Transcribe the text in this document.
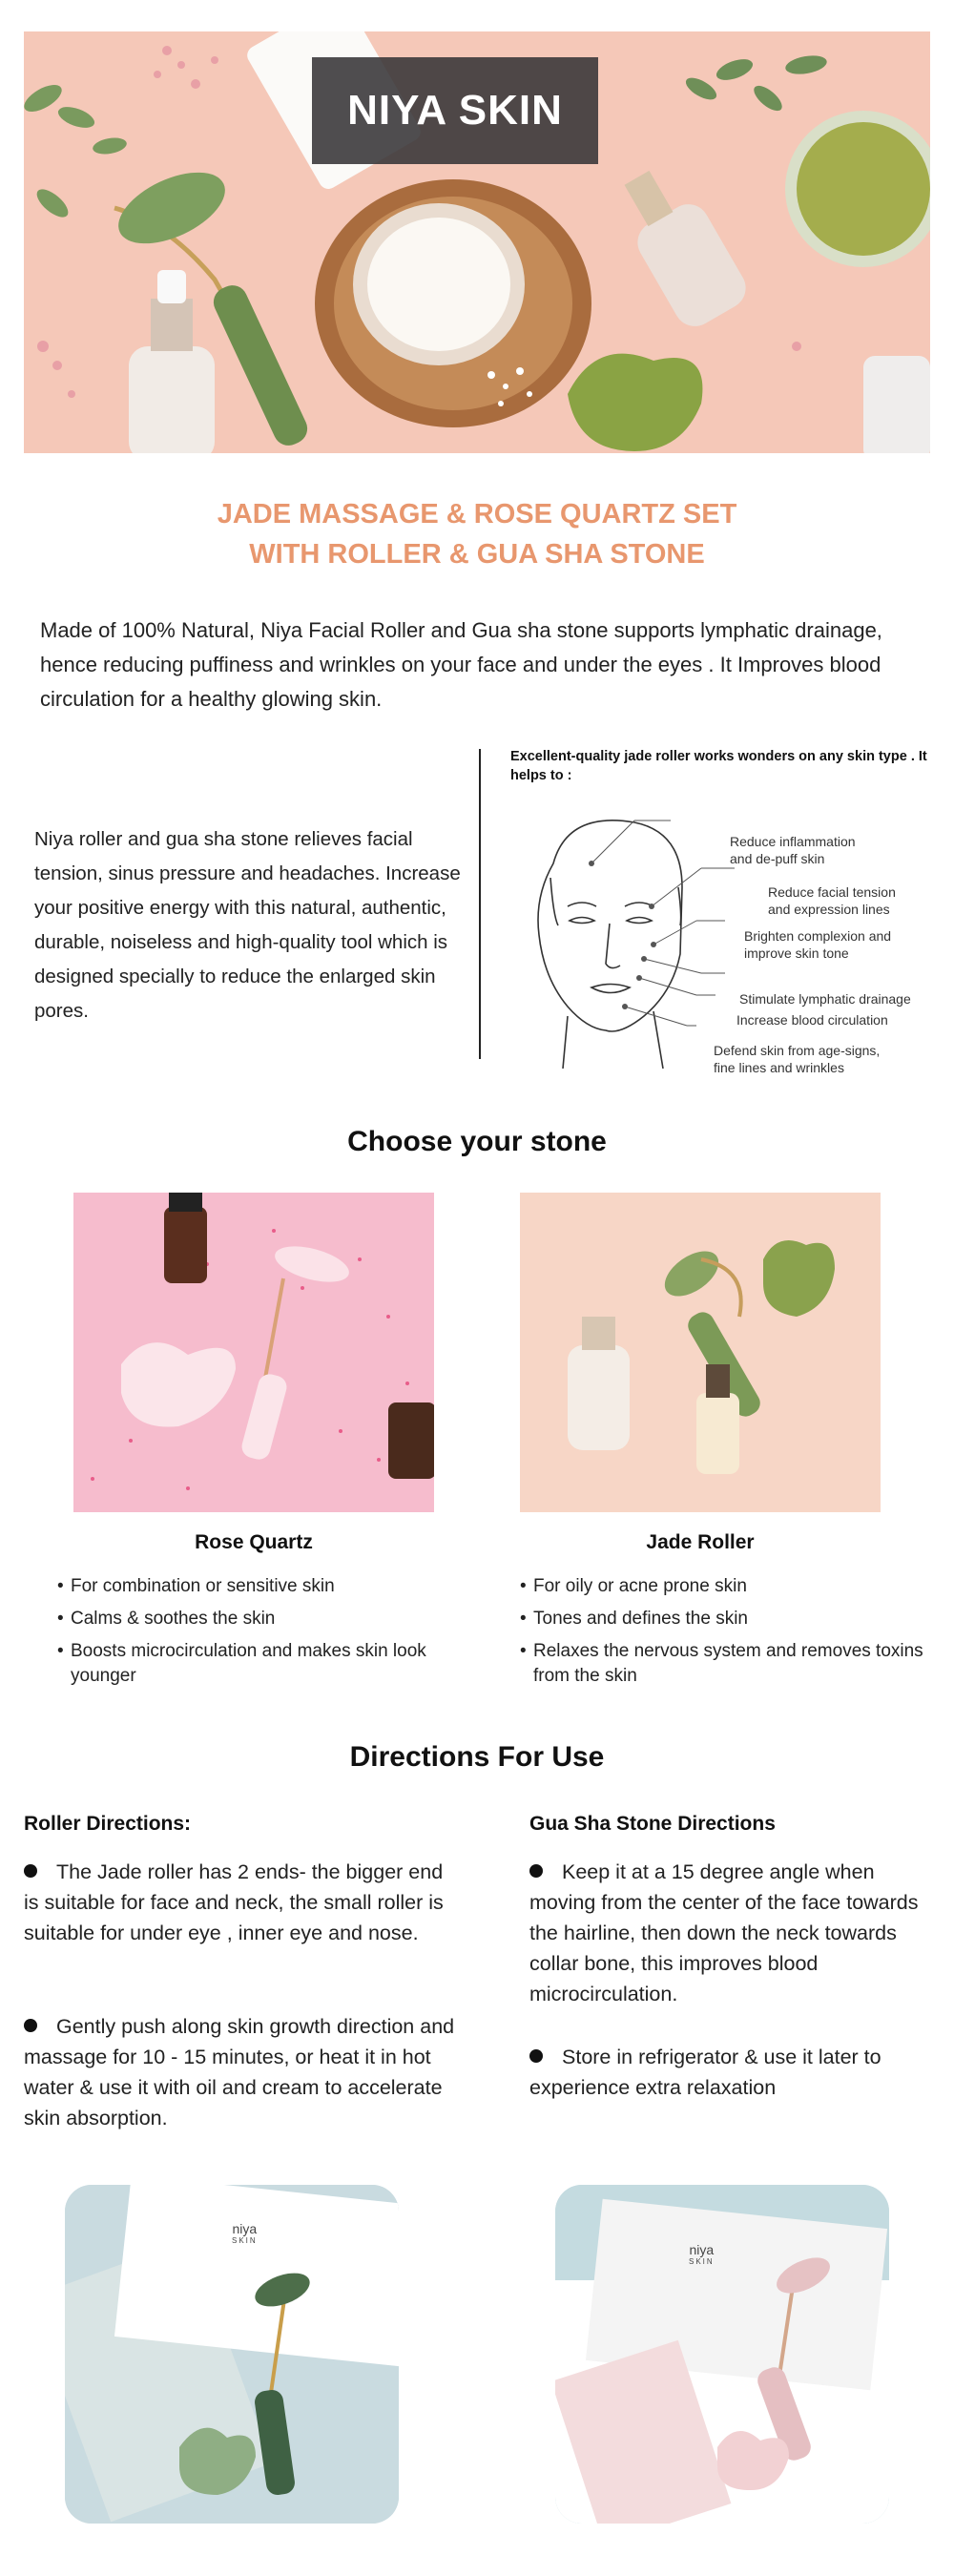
NIYA SKIN
JADE MASSAGE & ROSE QUARTZ SET
WITH ROLLER & GUA SHA STONE

Made of 100% Natural, Niya Facial Roller and Gua sha stone supports lymphatic drainage, hence reducing puffiness and wrinkles on your face and under the eyes . It Improves blood circulation for a healthy glowing skin.

Niya roller and gua sha stone relieves facial tension, sinus pressure and headaches. Increase your positive energy with this natural, authentic, durable, noiseless and high-quality tool which is designed specially to reduce the enlarged skin pores.

Excellent-quality jade roller works wonders on any skin type . It helps to :
Reduce inflammation
and de-puff skin
Reduce facial tension
and expression lines
Brighten complexion and
improve skin tone
Stimulate lymphatic drainage
Increase blood circulation
Defend skin from age-signs,
fine lines and wrinkles
Choose your stone
Rose Quartz	Jade Roller
• For combination or sensitive skin
• Calms & soothes the skin
• Boosts microcirculation and makes skin look younger
• For oily or acne prone skin
• Tones and defines the skin
• Relaxes the nervous system and removes toxins from the skin
Directions For Use
Roller Directions:	Gua Sha Stone Directions

The Jade roller has 2 ends- the bigger end is suitable for face and neck, the small roller is suitable for under eye , inner eye and nose.

Gently push along skin growth direction and massage for 10 - 15 minutes, or heat it in hot water & use it with oil and cream to accelerate skin absorption.

Keep it at a 15 degree angle when moving from the center of the face towards the hairline, then down the neck towards collar bone, this improves blood microcirculation.

Store in refrigerator & use it later to experience extra relaxation

niya
SKIN
niya
SKIN
